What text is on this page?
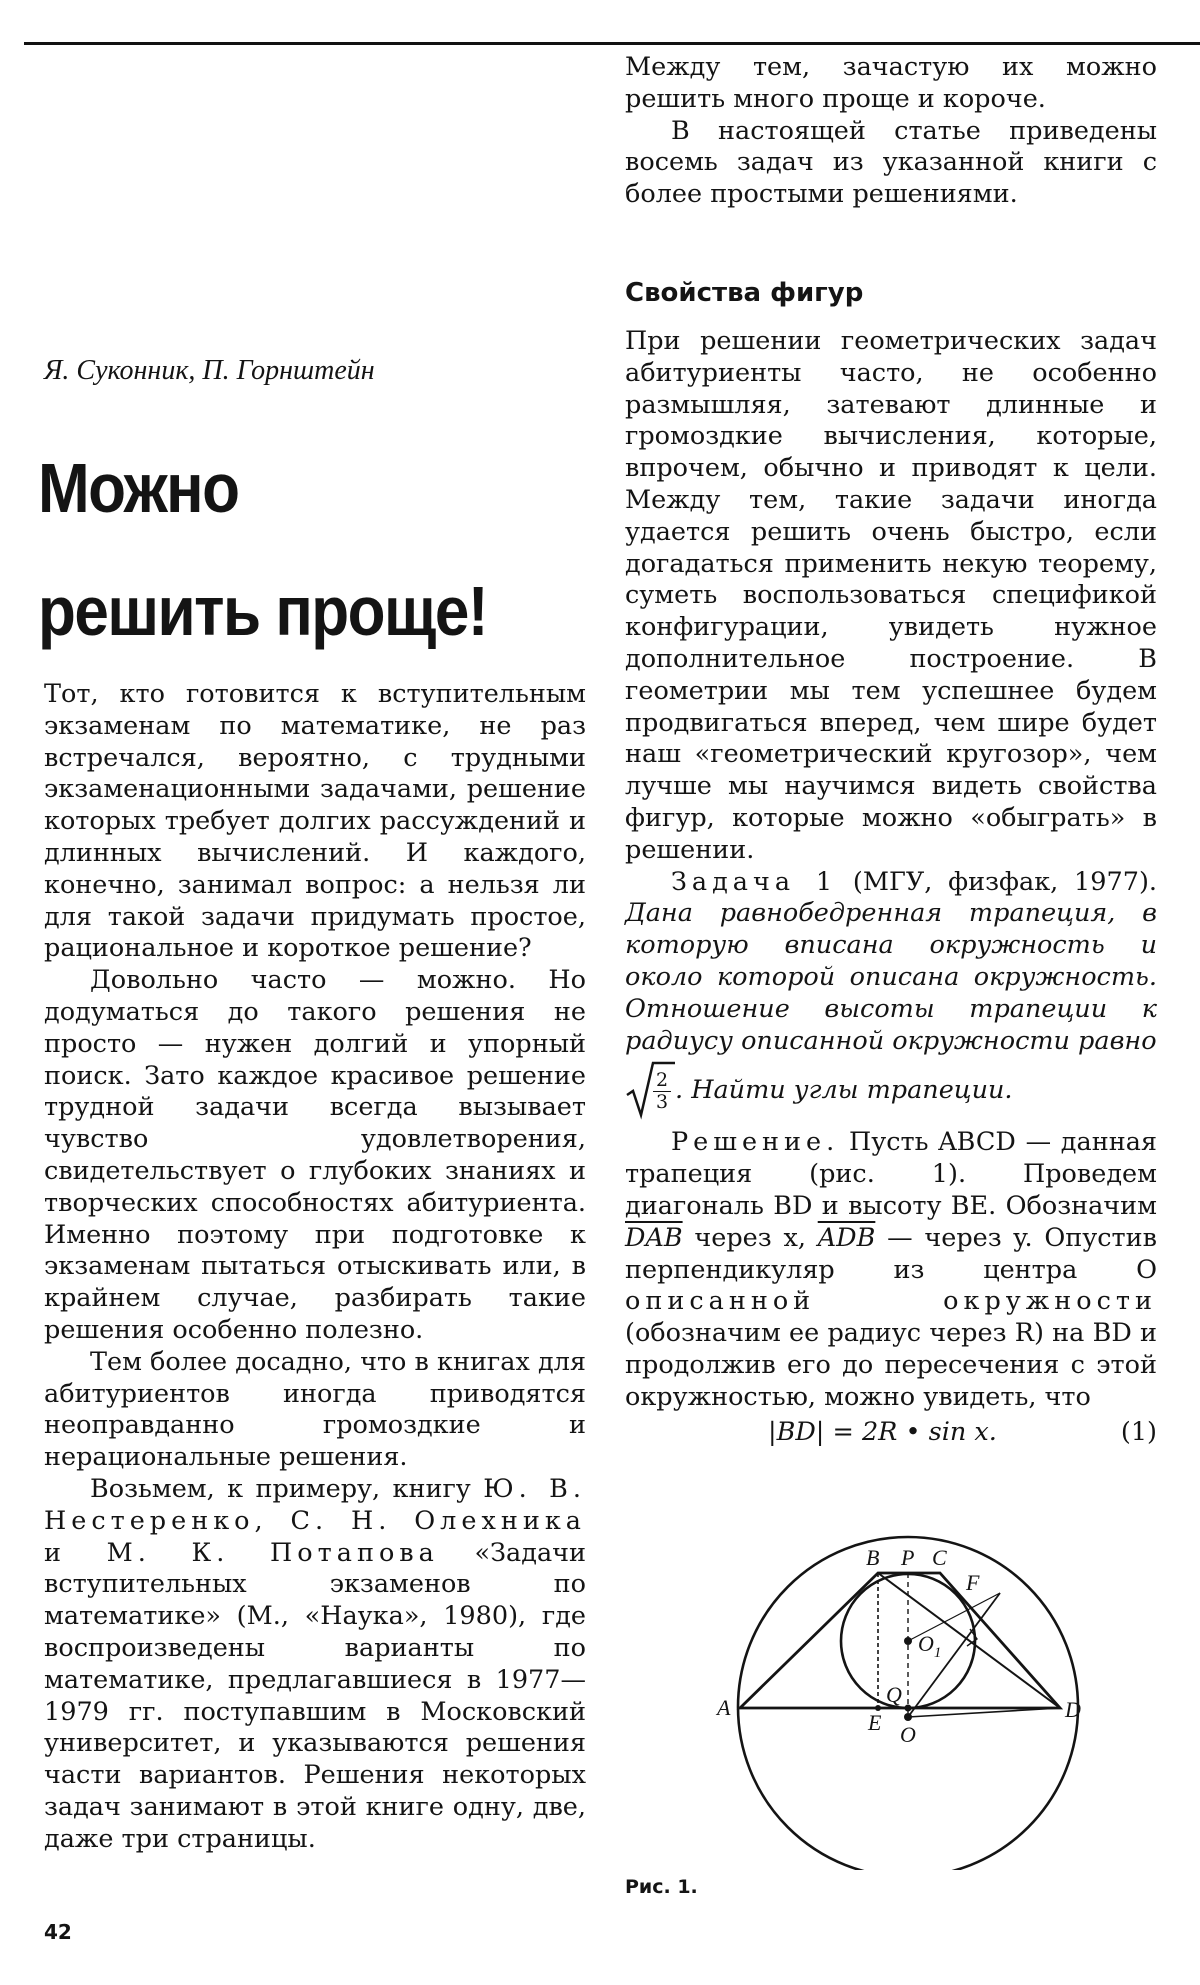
Я. Суконник, П. Горнштейн
Можно
решить проще!

Тот, кто готовится к вступительным экзаменам по математике, не раз встречался, вероятно, с трудными экзаменационными задачами, решение которых требует долгих рассуждений и длинных вычислений. И каждого, конечно, занимал вопрос: а нельзя ли для такой задачи придумать простое, рациональное и короткое решение?

Довольно часто — можно. Но додуматься до такого решения не просто — нужен долгий и упорный поиск. Зато каждое красивое решение трудной задачи всегда вызывает чувство удовлетворения, свидетельствует о глубоких знаниях и творческих способностях абитуриента. Именно поэтому при подготовке к экзаменам пытаться отыскивать или, в крайнем случае, разбирать такие решения особенно полезно.

Тем более досадно, что в книгах для абитуриентов иногда приводятся неоправданно громоздкие и нерациональные решения.

Возьмем, к примеру, книгу Ю. В. Нестеренко, С. Н. Олехника и М. К. Потапова «Задачи вступительных экзаменов по математике» (М., «Наука», 1980), где воспроизведены варианты по математике, предлагавшиеся в 1977—1979 гг. поступавшим в Московский университет, и указываются решения части вариантов. Решения некоторых задач занимают в этой книге одну, две, даже три страницы.

Между тем, зачастую их можно решить много проще и короче.

В настоящей статье приведены восемь задач из указанной книги с более простыми решениями.

Свойства фигур

При решении геометрических задач абитуриенты часто, не особенно размышляя, затевают длинные и громоздкие вычисления, которые, впрочем, обычно и приводят к цели. Между тем, такие задачи иногда удается решить очень быстро, если догадаться применить некую теорему, суметь воспользоваться спецификой конфигурации, увидеть нужное дополнительное построение. В геометрии мы тем успешнее будем продвигаться вперед, чем шире будет наш «геометрический кругозор», чем лучше мы научимся видеть свойства фигур, которые можно «обыграть» в решении.

Задача 1 (МГУ, физфак, 1977). Дана равнобедренная трапеция, в которую вписана окружность и около которой описана окружность. Отношение высоты трапеции к радиусу описанной окружности равно

$\frac{2}{3}$ . Найти углы трапеции.

Решение. Пусть ABCD — данная трапеция (рис. 1). Проведем диагональ BD и высоту BE. Обозначим $\overline{DAB}$ через x, $\overline{ADB}$ — через y. Опустив перпендикуляр из центра O описанной окружности (обозначим ее радиус через R) на BD и продолжив его до пересечения с этой окружностью, можно увидеть, что

|BD| = 2R • sin x.	(1)
B P C
F
$O_1$
Q
A	D
E O
Рис. 1.
42
